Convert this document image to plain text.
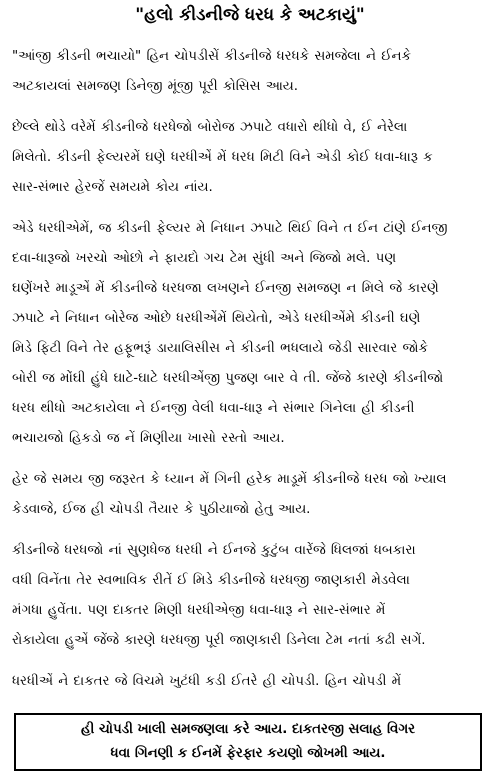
"હલો કીડનીજે ધરધ કે અટકાયું"

"આંજી કીડની ભચાયો" હિન ચોપડીસેં કીડનીજે ધરધકે સમજેલા ને ઈનકે
અટકાયલાં સમજણ ડિનેજી મૂંજી પૂરી કોસિસ આય.

છેલ્લે થોડે વરેમેં કીડનીજે ધરધેજો બોરોજ ઝપાટે વધારો થીધો વે, ઈ નેરેલા
મિલેતો. કીડની ફેલ્યરમેં ઘણે ધરધીએં મેં ધરધ મિટી વિને એડી કોઈ ધવા-ધારૂ ક
સાર-સંભાર હેરજેં સમયમે કોય નાંય.

એડે ધરધીએમેં, જ કીડની ફેલ્યર મે નિધાન ઝપાટે થિઈ વિને ત ઈન ટાંણે ઈનજી
દવા-ધારૂજો ખરચો ઓછો ને ફાયદો ગચ ટેમ સુંધી અને જિજો મલે. પણ
ઘણેંખરે માડૂએં મેં કીડનીજે ધરધજા લખણને ઈનજી સમજણ ન મિલે જે કારણે
ઝપાટે ને નિધાન બોરેજ ઓછે ધરધીએંમેં થિયેતો, એડે ધરધીએંમે કીડની ઘણે
મિડે ફિટી વિને તેર હફૂભરૂં ડાયાલિસીસ ને કીડની ભધલાયે જેડી સારવાર જોકે
બોરી જ મોંઘી હુંધે ઘાટે-ઘાટે ધરધીએંજી પુજણ બાર વે તી. જેંજે કારણે કીડનીજો
ધરધ થીધો અટકાયેલા ને ઈનજી વેલી ધવા-ધારૂ ને સંભાર ગિનેલા હી કીડની
ભચાયજો હિકડો જ નેં મિણીયા ખાસો રસ્તો આય.

હેર જે સમય જી જરૂરત કે ધ્યાન મેં ગિની હરેક માડૂમેં કીડનીજે ધરધ જો ખ્યાલ
કેડવાજે, ઈજ હી ચોપડી તૈયાર કે પુઠીયાજો હેતુ આય.

કીડનીજે ધરધજો નાં સુણધેજ ધરધી ને ઈનજે કુટુંબ વારેંજે ધિલજાં ધબકારા
વધી વિનેંતા તેર સ્વભાવિક રીતેં ઈ મિડે કીડનીજે ધરધજી જાણકારી મેડવેલા
મંગધા હુવેંતા. પણ દાકતર મિણી ધરધીએજી ધવા-ધારૂ ને સાર-સંભાર મેં
રોકાયેલા હુએં જેંજે કારણે ધરધજી પૂરી જાણકારી ડિનેલા ટેમ નતાં કઢી સગેં.

ધરધીએં ને દાકતર જે વિચમે ખુટંધી કડી ઈતરે હી ચોપડી. હિન ચોપડી મેં

હી ચોપડી ખાલી સમજણલા કરે આય. દાકતરજી સલાહ વિગર
ધવા ગિનણી ક ઈનમેં ફેરફાર કયણો જોખમી આય.
